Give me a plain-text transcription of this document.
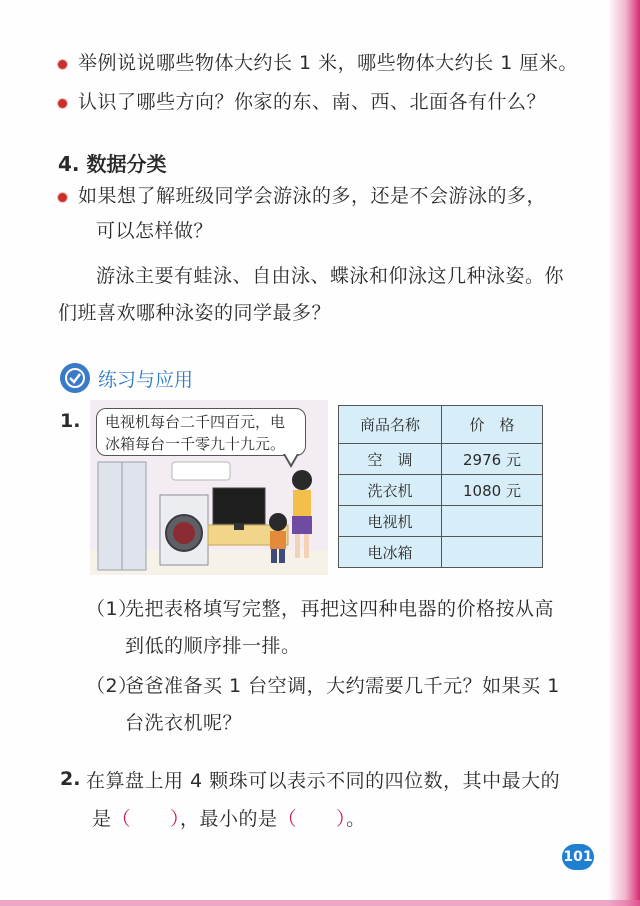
举例说说哪些物体大约长 1 米，哪些物体大约长 1 厘米。
认识了哪些方向？你家的东、南、西、北面各有什么？
4. 数据分类
如果想了解班级同学会游泳的多，还是不会游泳的多，
可以怎样做？
游泳主要有蛙泳、自由泳、蝶泳和仰泳这几种泳姿。你
们班喜欢哪种泳姿的同学最多？
练习与应用
1. 电视机每台二千四百元，电
冰箱每台一千零九十九元。
商品名称	价　格
空　调	2976 元
洗衣机	1080 元
电视机	
电冰箱	
（1）
先把表格填写完整，再把这四种电器的价格按从高
到低的顺序排一排。
（2）
爸爸准备买 1 台空调，大约需要几千元？如果买 1
台洗衣机呢？
2. 在算盘上用 4 颗珠可以表示不同的四位数，其中最大的
是（　　），最小的是（　　）。
101
